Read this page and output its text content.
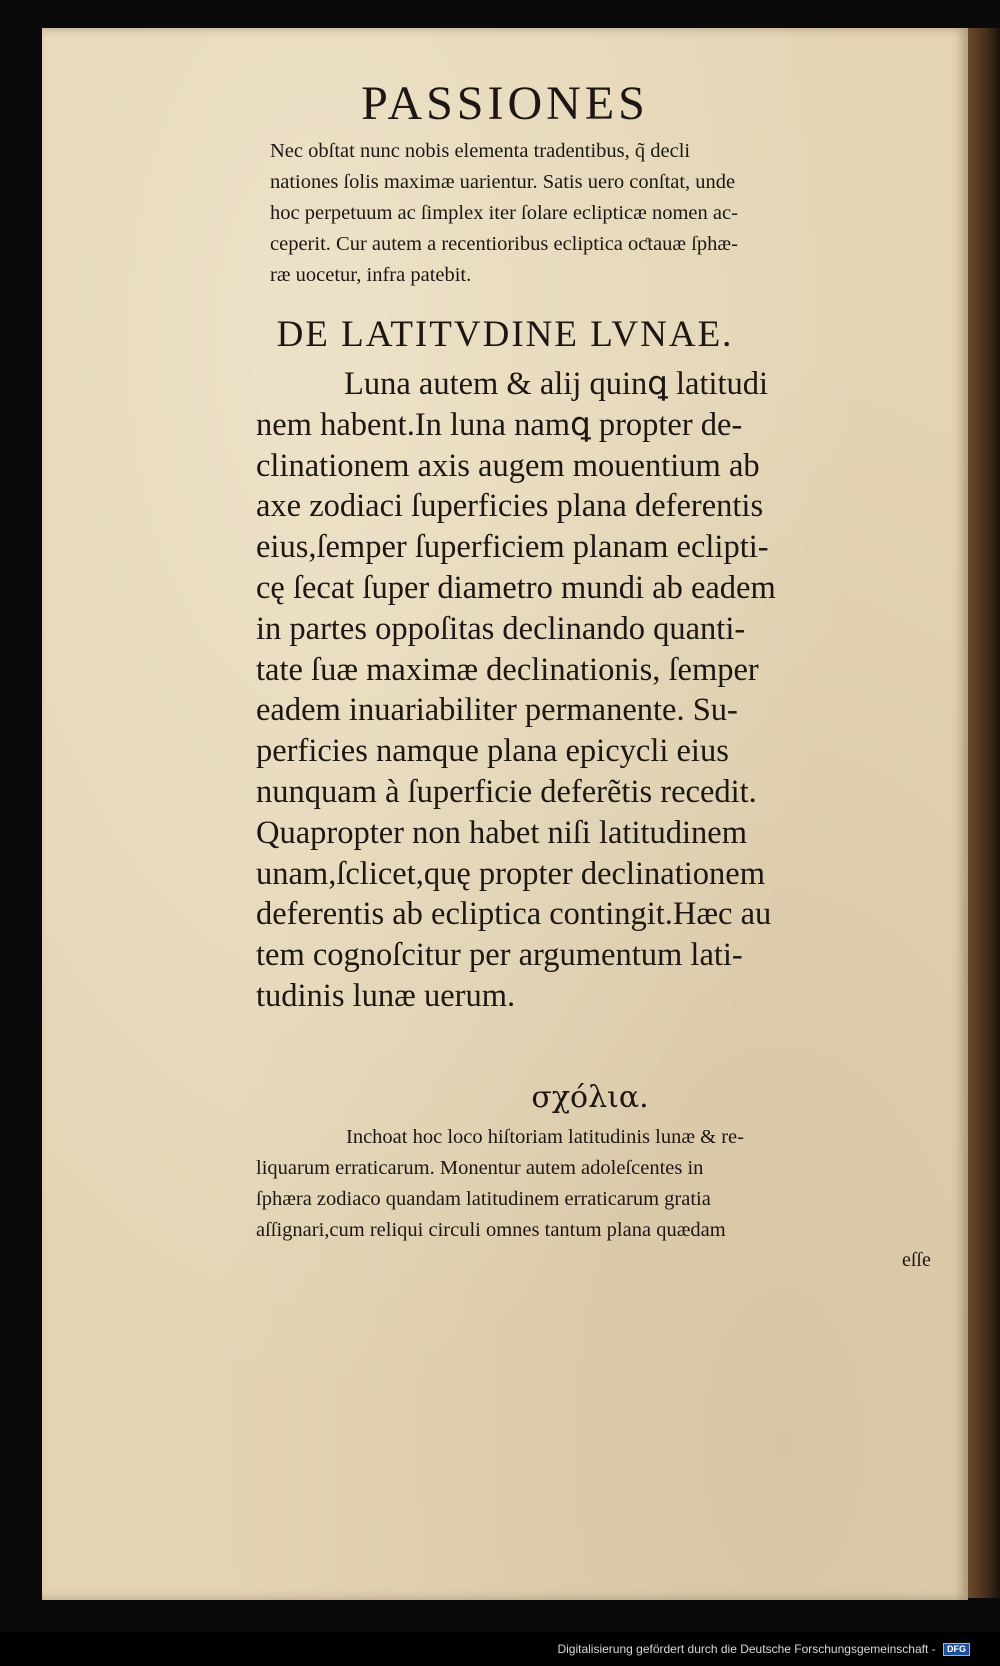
PASSIONES
Nec obſtat nunc nobis elementa tradentibus, q̃ decli
nationes ſolis maximæ uarientur. Satis uero conſtat, unde
hoc perpetuum ac ſimplex iter ſolare eclipticæ nomen ac-
ceperit. Cur autem a recentioribus ecliptica oƈtauæ ſphæ-
ræ uocetur, infra patebit.
DE LATITVDINE LVNAE.
Luna autem & alij quinꝗ latitudi
nem habent.In luna namꝗ propter de-
clinationem axis augem mouentium ab
axe zodiaci ſuperficies plana deferentis
eius,ſemper ſuperficiem planam eclipti-
cę ſecat ſuper diametro mundi ab eadem
in partes oppoſitas declinando quanti-
tate ſuæ maximæ declinationis, ſemper
eadem inuariabiliter permanente. Su-
perficies namque plana epicycli eius
nunquam à ſuperficie deferẽtis recedit.
Quapropter non habet niſi latitudinem
unam,ſclicet,quę propter declinationem
deferentis ab ecliptica contingit.Hæc au
tem cognoſcitur per argumentum lati-
tudinis lunæ uerum.
σχόλια.
Inchoat hoc loco hiſtoriam latitudinis lunæ & re-
liquarum erraticarum. Monentur autem adoleſcentes in
ſphæra zodiaco quandam latitudinem erraticarum gratia
aſſignari,cum reliqui circuli omnes tantum plana quædam
eſſe
Digitalisierung gefördert durch die Deutsche Forschungsgemeinschaft - DFG
